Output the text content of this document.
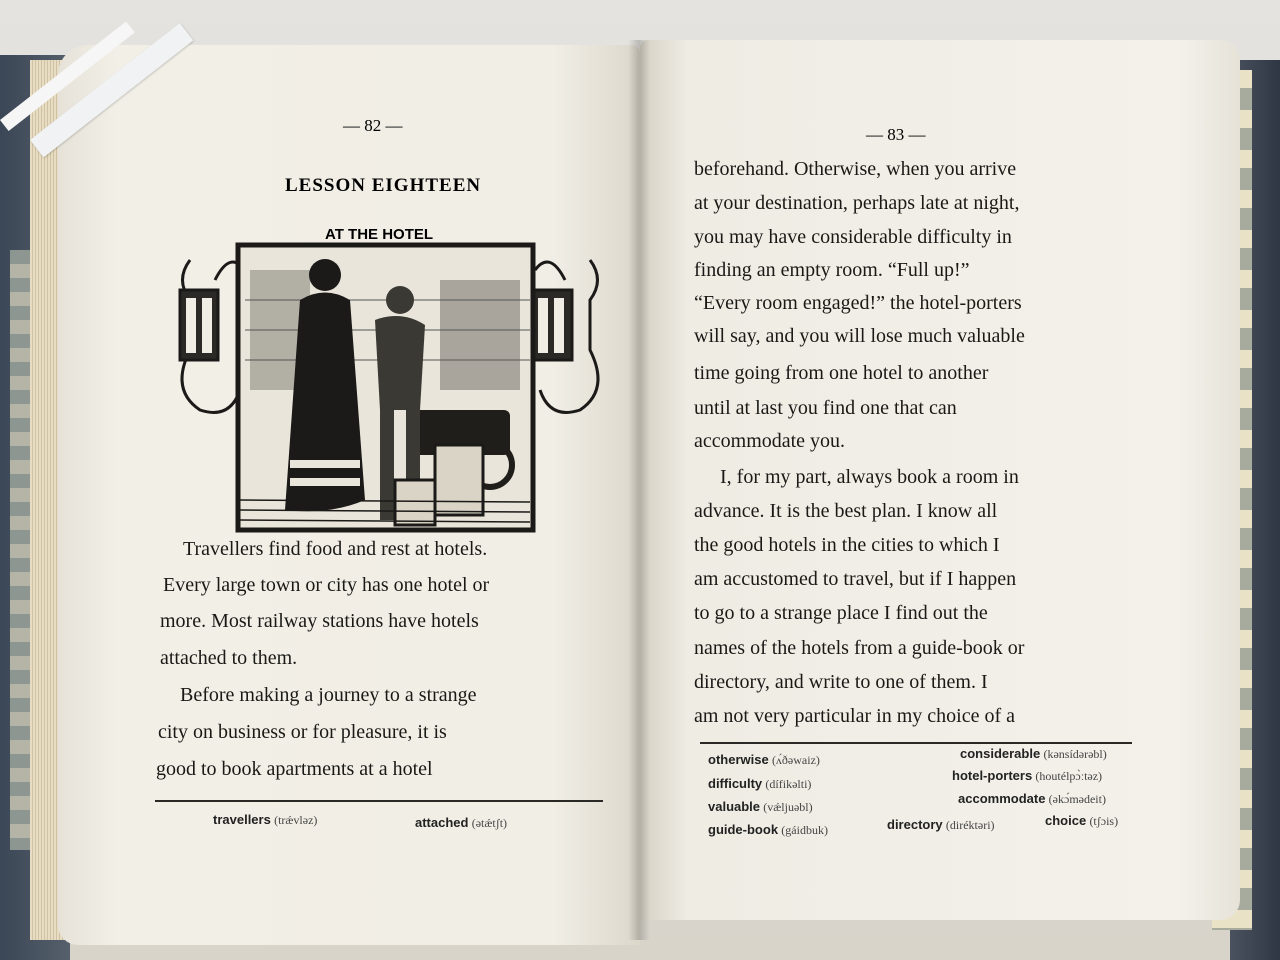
— 82 —
LESSON EIGHTEEN
AT THE HOTEL
Travellers find food and rest at hotels.
Every large town or city has one hotel or
more. Most railway stations have hotels
attached to them.
Before making a journey to a strange
city on business or for pleasure, it is
good to book apartments at a hotel
travellers (trǽvləz)	attached (ətǽtʃt)
— 83 —
beforehand. Otherwise, when you arrive
at your destination, perhaps late at night,
you may have considerable difficulty in
finding an empty room. “Full up!”
“Every room engaged!” the hotel-porters
will say, and you will lose much valuable
time going from one hotel to another
until at last you find one that can
accommodate you.
I, for my part, always book a room in
advance. It is the best plan. I know all
the good hotels in the cities to which I
am accustomed to travel, but if I happen
to go to a strange place I find out the
names of the hotels from a guide-book or
directory, and write to one of them. I
am not very particular in my choice of a
otherwise (ʌ́ðəwaiz)	considerable (kənsídərəbl)
difficulty (dífikəlti)
hotel-porters (houtélpɔ̀ːtəz)
valuable (vǽljuəbl)
accommodate (əkɔ́mədeit)
guide-book (gáidbuk)	directory (diréktəri)	choice (tʃɔis)
